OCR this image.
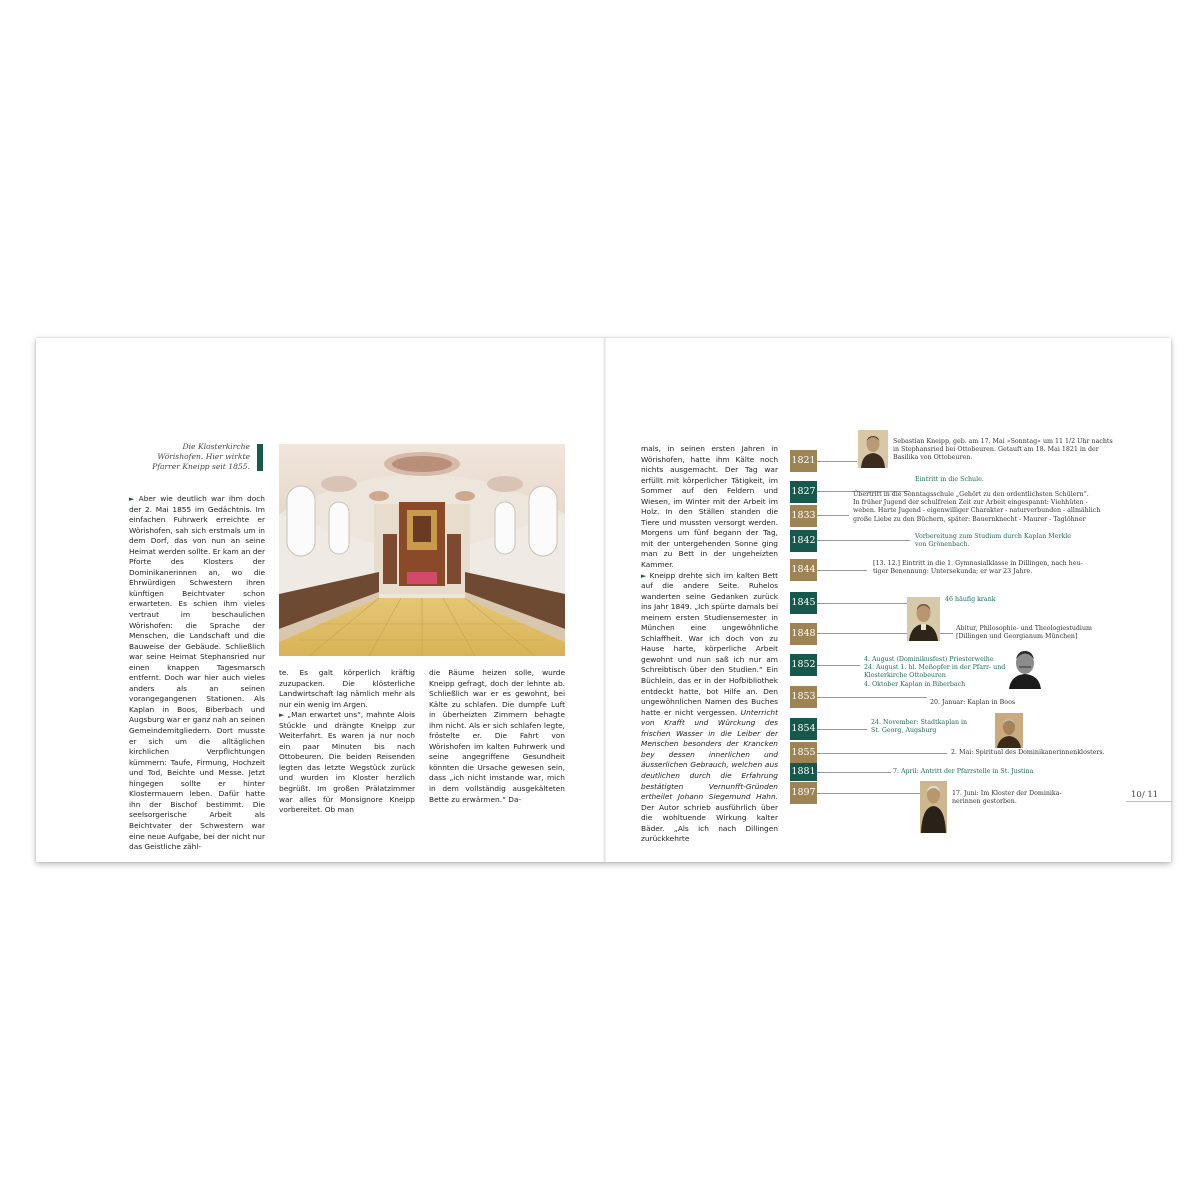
Die Klosterkirche
Wörishofen. Hier wirkte
Pfarrer Kneipp seit 1855.

► Aber wie deutlich war ihm doch der 2. Mai 1855 im Gedächtnis. Im einfachen Fuhrwerk erreichte er Wörishofen, sah sich erstmals um in dem Dorf, das von nun an seine Heimat werden sollte. Er kam an der Pforte des Klosters der Dominikanerinnen an, wo die Ehrwürdigen Schwestern ihren künftigen Beichtvater schon erwarteten. Es schien ihm vieles vertraut im beschaulichen Wörishofen: die Sprache der Menschen, die Landschaft und die Bauweise der Gebäude. Schließlich war seine Heimat Stephansried nur einen knappen Tagesmarsch entfernt. Doch war hier auch vieles anders als an seinen vorangegangenen Stationen. Als Kaplan in Boos, Biberbach und Augsburg war er ganz nah an seinen Gemeindemitgliedern. Dort musste er sich um die alltäglichen kirchlichen Verpflichtungen kümmern: Taufe, Firmung, Hochzeit und Tod, Beichte und Messe. Jetzt hingegen sollte er hinter Klostermauern leben. Dafür hatte ihn der Bischof bestimmt. Die seelsorgerische Arbeit als Beichtvater der Schwestern war eine neue Aufgabe, bei der nicht nur das Geistliche zähl-

te. Es galt körperlich kräftig zuzupacken. Die klösterliche Landwirtschaft lag nämlich mehr als nur ein wenig im Argen.

► „Man erwartet uns“, mahnte Alois Stückle und drängte Kneipp zur Weiterfahrt. Es waren ja nur noch ein paar Minuten bis nach Ottobeuren. Die beiden Reisenden legten das letzte Wegstück zurück und wurden im Kloster herzlich begrüßt. Im großen Prälatzimmer war alles für Monsignore Kneipp vorbereitet. Ob man

die Räume heizen solle, wurde Kneipp gefragt, doch der lehnte ab. Schließlich war er es gewohnt, bei Kälte zu schlafen. Die dumpfe Luft in überheizten Zimmern behagte ihm nicht. Als er sich schlafen legte, fröstelte er. Die Fahrt von Wörishofen im kalten Fuhrwerk und seine angegriffene Gesundheit könnten die Ursache gewesen sein, dass „ich nicht imstande war, mich in dem vollständig ausgekälteten Bette zu erwärmen.“ Da-

mals, in seinen ersten Jahren in Wörishofen, hatte ihm Kälte noch nichts ausgemacht. Der Tag war erfüllt mit körperlicher Tätigkeit, im Sommer auf den Feldern und Wiesen, im Winter mit der Arbeit im Holz. In den Ställen standen die Tiere und mussten versorgt werden. Morgens um fünf begann der Tag, mit der untergehenden Sonne ging man zu Bett in der ungeheizten Kammer.

► Kneipp drehte sich im kalten Bett auf die andere Seite. Ruhelos wanderten seine Gedanken zurück ins Jahr 1849. „Ich spürte damals bei meinem ersten Studiensemester in München eine ungewöhnliche Schlaffheit. War ich doch von zu Hause harte, körperliche Arbeit gewohnt und nun saß ich nur am Schreibtisch über den Studien.“ Ein Büchlein, das er in der Hofbibliothek entdeckt hatte, bot Hilfe an. Den ungewöhnlichen Namen des Buches hatte er nicht vergessen. Unterricht von Krafft und Würckung des frischen Wasser in die Leiber der Menschen besonders der Krancken bey dessen innerlichen und äusserlichen Gebrauch, welchen aus deutlichen durch die Erfahrung bestätigten Vernunfft-Gründen ertheilet Johann Siegemund Hahn. Der Autor schrieb ausführlich über die wohltuende Wirkung kalter Bäder. „Als ich nach Dillingen zurückkehrte

1821
1827
1833
1842
1844
1845
1848
1852
1853
1854
1855
1881
1897
Sebastian Kneipp, geb. am 17. Mai »Sonntag« um 11 1/2 Uhr nachts
in Stephansried bei Ottobeuren. Getauft am 18. Mai 1821 in der
Basilika von Ottobeuren.
Eintritt in die Schule.
Übertritt in die Sonntagsschule „Gehört zu den ordentlichsten Schülern“.
In früher Jugend der schulfreien Zeit zur Arbeit eingespannt: Viehhüten -
weben. Harte Jugend - eigenwilliger Charakter - naturverbunden - allmählich
große Liebe zu den Büchern, später: Bauernknecht - Maurer - Taglöhner
Vorbereitung zum Studium durch Kaplan Merkle
von Grönenbach.
[13. 12.] Eintritt in die 1. Gymnasialklasse in Dillingen, nach heu-
tiger Benennung: Untersekunda; er war 23 Jahre.
46 häufig krank
Abitur, Philosophie- und Theologiestudium
[Dillingen und Georgianum München]
4. August (Dominikusfest) Priesterweihe
24. August 1. hl. Meßopfer in der Pfarr- und
Klosterkirche Ottobeuren
4. Oktober Kaplan in Biberbach
20. Januar: Kaplan in Boos
24. November: Stadtkaplan in
St. Georg, Augsburg
2. Mai: Spiritual des Dominikanerinnenklosters.
7. April: Antritt der Pfarrstelle in St. Justina
17. Juni: Im Kloster der Dominika-
nerinnen gestorben.
10/ 11
